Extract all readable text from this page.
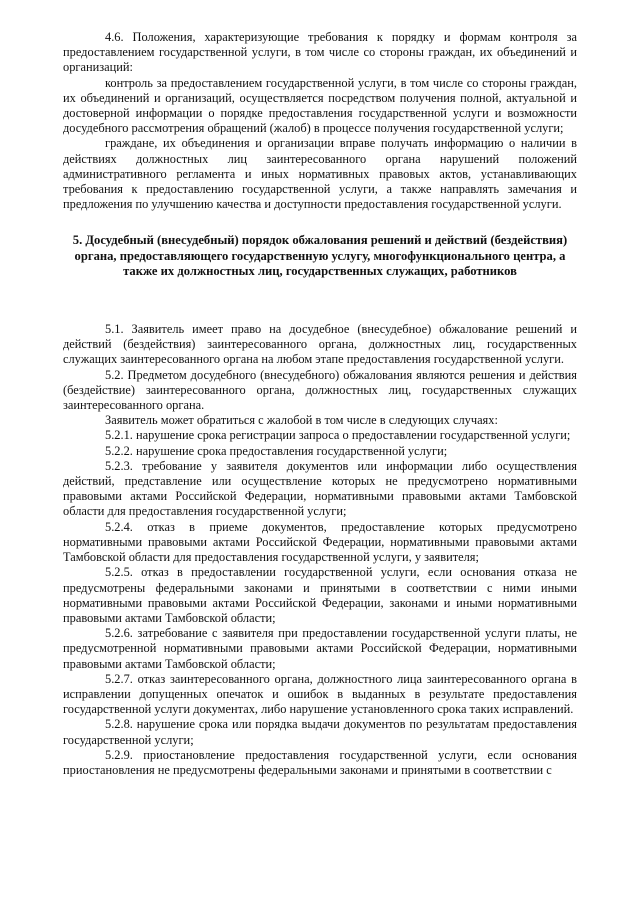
4.6. Положения, характеризующие требования к порядку и формам контроля за предоставлением государственной услуги, в том числе со стороны граждан, их объединений и организаций:

контроль за предоставлением государственной услуги, в том числе со стороны граждан, их объединений и организаций, осуществляется посредством получения полной, актуальной и достоверной информации о порядке предоставления государственной услуги и возможности досудебного рассмотрения обращений (жалоб) в процессе получения государственной услуги;

граждане, их объединения и организации вправе получать информацию о наличии в действиях должностных лиц заинтересованного органа нарушений положений административного регламента и иных нормативных правовых актов, устанавливающих требования к предоставлению государственной услуги, а также направлять замечания и предложения по улучшению качества и доступности предоставления государственной услуги.

5. Досудебный (внесудебный) порядок обжалования решений и действий (бездействия) органа, предоставляющего государственную услугу, многофункционального центра, а также их должностных лиц, государственных служащих, работников

5.1. Заявитель имеет право на досудебное (внесудебное) обжалование решений и действий (бездействия) заинтересованного органа, должностных лиц, государственных служащих заинтересованного органа на любом этапе предоставления государственной услуги.

5.2. Предметом досудебного (внесудебного) обжалования являются решения и действия (бездействие) заинтересованного органа, должностных лиц, государственных служащих заинтересованного органа.

Заявитель может обратиться с жалобой в том числе в следующих случаях:

5.2.1. нарушение срока регистрации запроса о предоставлении государственной услуги;

5.2.2. нарушение срока предоставления государственной услуги;

5.2.3. требование у заявителя документов или информации либо осуществления действий, представление или осуществление которых не предусмотрено нормативными правовыми актами Российской Федерации, нормативными правовыми актами Тамбовской области для предоставления государственной услуги;

5.2.4. отказ в приеме документов, предоставление которых предусмотрено нормативными правовыми актами Российской Федерации, нормативными правовыми актами Тамбовской области для предоставления государственной услуги, у заявителя;

5.2.5. отказ в предоставлении государственной услуги, если основания отказа не предусмотрены федеральными законами и принятыми в соответствии с ними иными нормативными правовыми актами Российской Федерации, законами и иными нормативными правовыми актами Тамбовской области;

5.2.6. затребование с заявителя при предоставлении государственной услуги платы, не предусмотренной нормативными правовыми актами Российской Федерации, нормативными правовыми актами Тамбовской области;

5.2.7. отказ заинтересованного органа, должностного лица заинтересованного органа в исправлении допущенных опечаток и ошибок в выданных в результате предоставления государственной услуги документах, либо нарушение установленного срока таких исправлений.

5.2.8. нарушение срока или порядка выдачи документов по результатам предоставления государственной услуги;

5.2.9. приостановление предоставления государственной услуги, если основания приостановления не предусмотрены федеральными законами и принятыми в соответствии с
